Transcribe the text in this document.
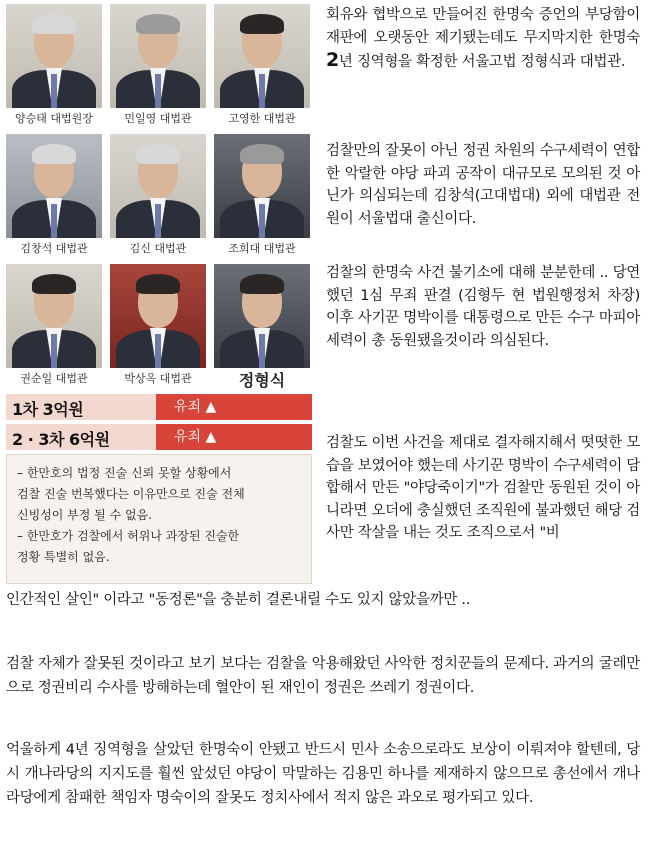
양승태 대법원장	민일영 대법관	고영한 대법관
김창석 대법관	김신 대법관	조희대 대법관
권순일 대법관	박상옥 대법관	정형식
1차 3억원	유죄 ▲
2 · 3차 6억원	유죄 ▲

– 한만호의 법정 진술 신뢰 못할 상황에서

검찰 진술 번복했다는 이유만으로 진술 전체

신빙성이 부정 될 수 없음.

– 한만호가 검찰에서 허위나 과장된 진술한

정황 특별히 없음.

회유와 협박으로 만들어진 한명숙 증언의 부당함이 재판에 오랫동안 제기됐는데도 무지막지한 한명숙 2년 징역형을 확정한 서울고법 정형식과 대법관.

검찰만의 잘못이 아닌 정권 차원의 수구세력이 연합한 악랄한 야당 파괴 공작이 대규모로 모의된 것 아닌가 의심되는데 김창석(고대법대) 외에 대법관 전원이 서울법대 출신이다.

검찰의 한명숙 사건 불기소에 대해 분분한데 .. 당연했던 1심 무죄 판결 (김형두 현 법원행정처 차장) 이후 사기꾼 명박이를 대통령으로 만든 수구 마피아 세력이 총 동원됐을것이라 의심된다.

검찰도 이번 사건을 제대로 결자해지해서 떳떳한 모습을 보였어야 했는데 사기꾼 명박이 수구세력이 담합해서 만든 "야당죽이기"가 검찰만 동원된 것이 아니라면 오더에 충실했던 조직원에 불과했던 해당 검사만 작살을 내는 것도 조직으로서 "비

인간적인 살인" 이라고 "동정론"을 충분히 결론내릴 수도 있지 않았을까만 ..

검찰 자체가 잘못된 것이라고 보기 보다는 검찰을 악용해왔던 사악한 정치꾼들의 문제다. 과거의 굴레만으로 정권비리 수사를 방해하는데 혈안이 된 재인이 정권은 쓰레기 정권이다.

억울하게 4년 징역형을 살았던 한명숙이 안됐고 반드시 민사 소송으로라도 보상이 이뤄져야 할텐데, 당시 개나라당의 지지도를 훨씬 앞섰던 야당이 막말하는 김용민 하나를 제재하지 않으므로 총선에서 개나라당에게 참패한 책임자 명숙이의 잘못도 정치사에서 적지 않은 과오로 평가되고 있다.
